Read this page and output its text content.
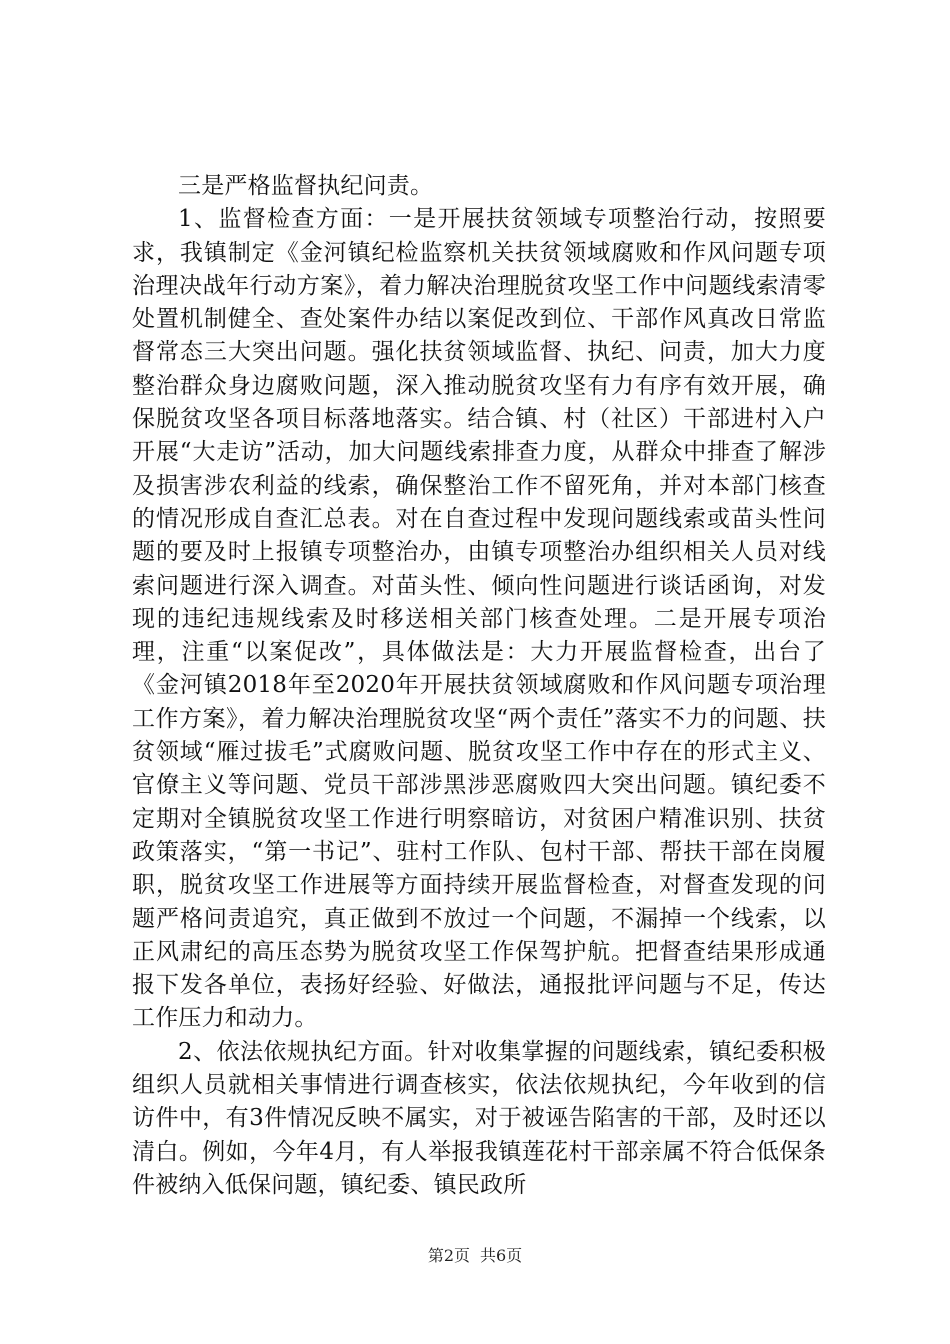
三是严格监督执纪问责。

1、监督检查方面：一是开展扶贫领域专项整治行动，按照要求，我镇制定《金河镇纪检监察机关扶贫领域腐败和作风问题专项治理决战年行动方案》，着力解决治理脱贫攻坚工作中问题线索清零处置机制健全、查处案件办结以案促改到位、干部作风真改日常监督常态三大突出问题。强化扶贫领域监督、执纪、问责，加大力度整治群众身边腐败问题，深入推动脱贫攻坚有力有序有效开展，确保脱贫攻坚各项目标落地落实。结合镇、村（社区）干部进村入户开展“大走访”活动，加大问题线索排查力度，从群众中排查了解涉及损害涉农利益的线索，确保整治工作不留死角，并对本部门核查的情况形成自查汇总表。对在自查过程中发现问题线索或苗头性问题的要及时上报镇专项整治办，由镇专项整治办组织相关人员对线索问题进行深入调查。对苗头性、倾向性问题进行谈话函询，对发现的违纪违规线索及时移送相关部门核查处理。二是开展专项治理，注重“以案促改”，具体做法是：大力开展监督检查，出台了《金河镇2018年至2020年开展扶贫领域腐败和作风问题专项治理工作方案》，着力解决治理脱贫攻坚“两个责任”落实不力的问题、扶贫领域“雁过拔毛”式腐败问题、脱贫攻坚工作中存在的形式主义、官僚主义等问题、党员干部涉黑涉恶腐败四大突出问题。镇纪委不定期对全镇脱贫攻坚工作进行明察暗访，对贫困户精准识别、扶贫政策落实，“第一书记”、驻村工作队、包村干部、帮扶干部在岗履职，脱贫攻坚工作进展等方面持续开展监督检查，对督查发现的问题严格问责追究，真正做到不放过一个问题，不漏掉一个线索，以正风肃纪的高压态势为脱贫攻坚工作保驾护航。把督查结果形成通报下发各单位，表扬好经验、好做法，通报批评问题与不足，传达工作压力和动力。

2、依法依规执纪方面。针对收集掌握的问题线索，镇纪委积极组织人员就相关事情进行调查核实，依法依规执纪，今年收到的信访件中，有3件情况反映不属实，对于被诬告陷害的干部，及时还以清白。例如，今年4月，有人举报我镇莲花村干部亲属不符合低保条件被纳入低保问题，镇纪委、镇民政所

第2页 共6页
